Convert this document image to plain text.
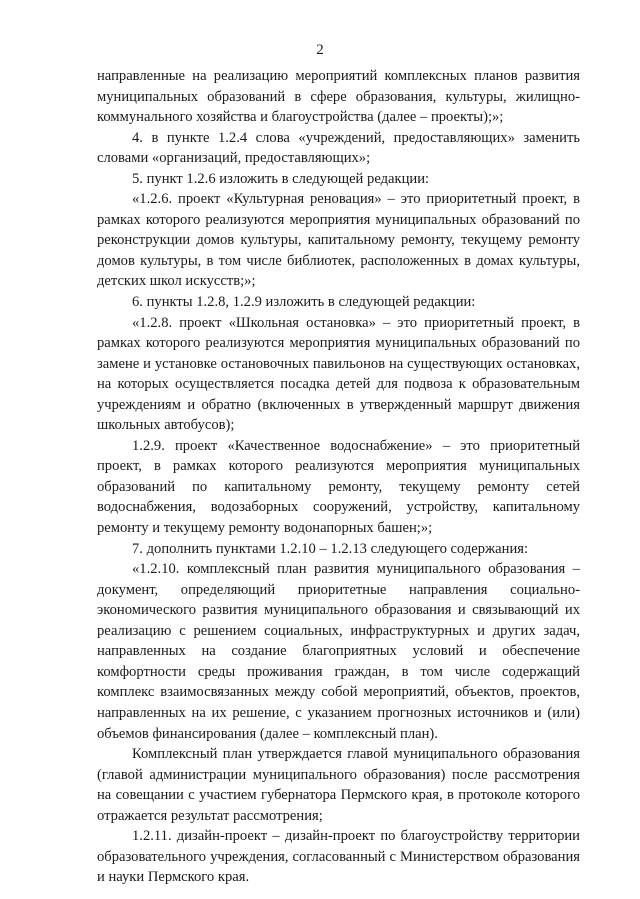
2

направленные на реализацию мероприятий комплексных планов развития муниципальных образований в сфере образования, культуры, жилищно-коммунального хозяйства и благоустройства (далее – проекты);»;

4. в пункте 1.2.4 слова «учреждений, предоставляющих» заменить словами «организаций, предоставляющих»;

5. пункт 1.2.6 изложить в следующей редакции:

«1.2.6. проект «Культурная реновация» – это приоритетный проект, в рамках которого реализуются мероприятия муниципальных образований по реконструкции домов культуры, капитальному ремонту, текущему ремонту домов культуры, в том числе библиотек, расположенных в домах культуры, детских школ искусств;»;

6. пункты 1.2.8, 1.2.9 изложить в следующей редакции:

«1.2.8. проект «Школьная остановка» – это приоритетный проект, в рамках которого реализуются мероприятия муниципальных образований по замене и установке остановочных павильонов на существующих остановках, на которых осуществляется посадка детей для подвоза к образовательным учреждениям и обратно (включенных в утвержденный маршрут движения школьных автобусов);

1.2.9. проект «Качественное водоснабжение» – это приоритетный проект, в рамках которого реализуются мероприятия муниципальных образований по капитальному ремонту, текущему ремонту сетей водоснабжения, водозаборных сооружений, устройству, капитальному ремонту и текущему ремонту водонапорных башен;»;

7. дополнить пунктами 1.2.10 – 1.2.13 следующего содержания:

«1.2.10. комплексный план развития муниципального образования – документ, определяющий приоритетные направления социально-экономического развития муниципального образования и связывающий их реализацию с решением социальных, инфраструктурных и других задач, направленных на создание благоприятных условий и обеспечение комфортности среды проживания граждан, в том числе содержащий комплекс взаимосвязанных между собой мероприятий, объектов, проектов, направленных на их решение, с указанием прогнозных источников и (или) объемов финансирования (далее – комплексный план).

Комплексный план утверждается главой муниципального образования (главой администрации муниципального образования) после рассмотрения на совещании с участием губернатора Пермского края, в протоколе которого отражается результат рассмотрения;

1.2.11. дизайн-проект – дизайн-проект по благоустройству территории образовательного учреждения, согласованный с Министерством образования и науки Пермского края.
